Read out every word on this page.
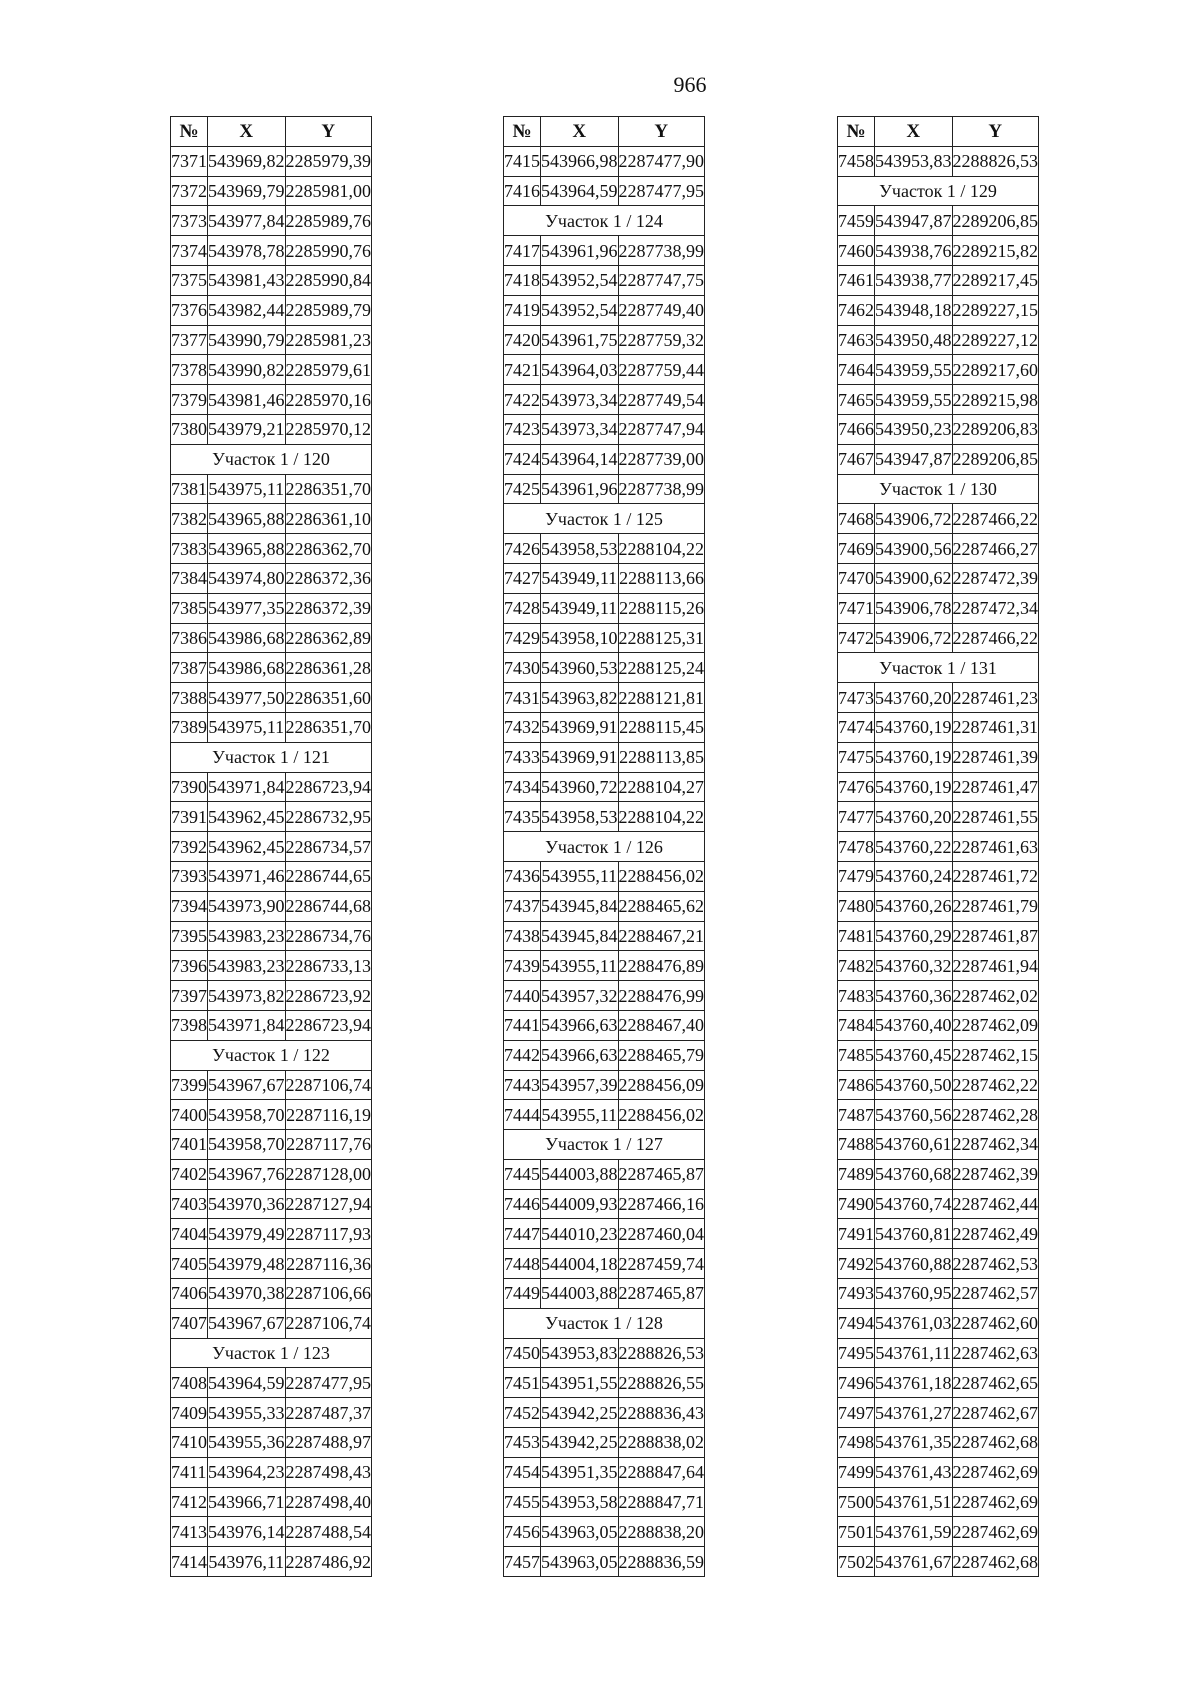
966
№	X	Y
7371	543969,82	2285979,39
7372	543969,79	2285981,00
7373	543977,84	2285989,76
7374	543978,78	2285990,76
7375	543981,43	2285990,84
7376	543982,44	2285989,79
7377	543990,79	2285981,23
7378	543990,82	2285979,61
7379	543981,46	2285970,16
7380	543979,21	2285970,12
Участок 1 / 120		
7381	543975,11	2286351,70
7382	543965,88	2286361,10
7383	543965,88	2286362,70
7384	543974,80	2286372,36
7385	543977,35	2286372,39
7386	543986,68	2286362,89
7387	543986,68	2286361,28
7388	543977,50	2286351,60
7389	543975,11	2286351,70
Участок 1 / 121		
7390	543971,84	2286723,94
7391	543962,45	2286732,95
7392	543962,45	2286734,57
7393	543971,46	2286744,65
7394	543973,90	2286744,68
7395	543983,23	2286734,76
7396	543983,23	2286733,13
7397	543973,82	2286723,92
7398	543971,84	2286723,94
Участок 1 / 122		
7399	543967,67	2287106,74
7400	543958,70	2287116,19
7401	543958,70	2287117,76
7402	543967,76	2287128,00
7403	543970,36	2287127,94
7404	543979,49	2287117,93
7405	543979,48	2287116,36
7406	543970,38	2287106,66
7407	543967,67	2287106,74
Участок 1 / 123		
7408	543964,59	2287477,95
7409	543955,33	2287487,37
7410	543955,36	2287488,97
7411	543964,23	2287498,43
7412	543966,71	2287498,40
7413	543976,14	2287488,54
7414	543976,11	2287486,92
№	X	Y
7415	543966,98	2287477,90
7416	543964,59	2287477,95
Участок 1 / 124		
7417	543961,96	2287738,99
7418	543952,54	2287747,75
7419	543952,54	2287749,40
7420	543961,75	2287759,32
7421	543964,03	2287759,44
7422	543973,34	2287749,54
7423	543973,34	2287747,94
7424	543964,14	2287739,00
7425	543961,96	2287738,99
Участок 1 / 125		
7426	543958,53	2288104,22
7427	543949,11	2288113,66
7428	543949,11	2288115,26
7429	543958,10	2288125,31
7430	543960,53	2288125,24
7431	543963,82	2288121,81
7432	543969,91	2288115,45
7433	543969,91	2288113,85
7434	543960,72	2288104,27
7435	543958,53	2288104,22
Участок 1 / 126		
7436	543955,11	2288456,02
7437	543945,84	2288465,62
7438	543945,84	2288467,21
7439	543955,11	2288476,89
7440	543957,32	2288476,99
7441	543966,63	2288467,40
7442	543966,63	2288465,79
7443	543957,39	2288456,09
7444	543955,11	2288456,02
Участок 1 / 127		
7445	544003,88	2287465,87
7446	544009,93	2287466,16
7447	544010,23	2287460,04
7448	544004,18	2287459,74
7449	544003,88	2287465,87
Участок 1 / 128		
7450	543953,83	2288826,53
7451	543951,55	2288826,55
7452	543942,25	2288836,43
7453	543942,25	2288838,02
7454	543951,35	2288847,64
7455	543953,58	2288847,71
7456	543963,05	2288838,20
7457	543963,05	2288836,59
№	X	Y
7458	543953,83	2288826,53
Участок 1 / 129		
7459	543947,87	2289206,85
7460	543938,76	2289215,82
7461	543938,77	2289217,45
7462	543948,18	2289227,15
7463	543950,48	2289227,12
7464	543959,55	2289217,60
7465	543959,55	2289215,98
7466	543950,23	2289206,83
7467	543947,87	2289206,85
Участок 1 / 130		
7468	543906,72	2287466,22
7469	543900,56	2287466,27
7470	543900,62	2287472,39
7471	543906,78	2287472,34
7472	543906,72	2287466,22
Участок 1 / 131		
7473	543760,20	2287461,23
7474	543760,19	2287461,31
7475	543760,19	2287461,39
7476	543760,19	2287461,47
7477	543760,20	2287461,55
7478	543760,22	2287461,63
7479	543760,24	2287461,72
7480	543760,26	2287461,79
7481	543760,29	2287461,87
7482	543760,32	2287461,94
7483	543760,36	2287462,02
7484	543760,40	2287462,09
7485	543760,45	2287462,15
7486	543760,50	2287462,22
7487	543760,56	2287462,28
7488	543760,61	2287462,34
7489	543760,68	2287462,39
7490	543760,74	2287462,44
7491	543760,81	2287462,49
7492	543760,88	2287462,53
7493	543760,95	2287462,57
7494	543761,03	2287462,60
7495	543761,11	2287462,63
7496	543761,18	2287462,65
7497	543761,27	2287462,67
7498	543761,35	2287462,68
7499	543761,43	2287462,69
7500	543761,51	2287462,69
7501	543761,59	2287462,69
7502	543761,67	2287462,68
